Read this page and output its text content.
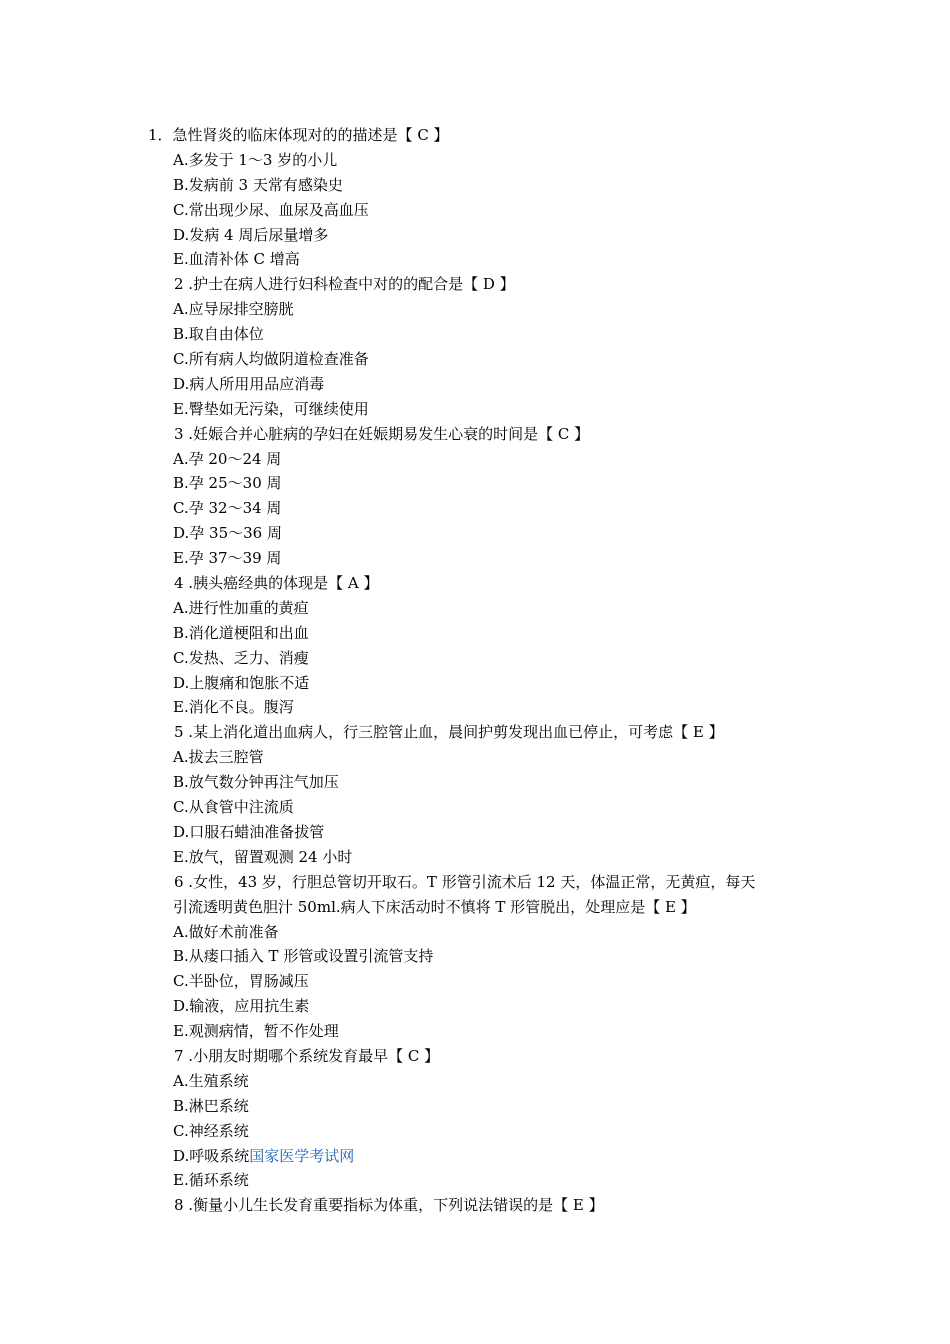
1．急性肾炎的临床体现对的的描述是【 C 】
A.多发于 1～3 岁的小儿
B.发病前 3 天常有感染史
C.常出现少尿、血尿及高血压
D.发病 4 周后尿量增多
E.血清补体 C 增高
2 .护士在病人进行妇科检查中对的的配合是【 D 】
A.应导尿排空膀胱
B.取自由体位
C.所有病人均做阴道检查准备
D.病人所用用品应消毒
E.臀垫如无污染，可继续使用
3 .妊娠合并心脏病的孕妇在妊娠期易发生心衰的时间是【 C 】
A.孕 20～24 周
B.孕 25～30 周
C.孕 32～34 周
D.孕 35～36 周
E.孕 37～39 周
4 .胰头癌经典的体现是【 A 】
A.进行性加重的黄疸
B.消化道梗阻和出血
C.发热、乏力、消瘦
D.上腹痛和饱胀不适
E.消化不良。腹泻
5 .某上消化道出血病人，行三腔管止血，晨间护剪发现出血已停止，可考虑【 E 】
A.拔去三腔管
B.放气数分钟再注气加压
C.从食管中注流质
D.口服石蜡油准备拔管
E.放气，留置观测 24 小时
6 .女性，43 岁，行胆总管切开取石。T 形管引流术后 12 天，体温正常，无黄疸，每天
引流透明黄色胆汁 50ml.病人下床活动时不慎将 T 形管脱出，处理应是【 E 】
A.做好术前准备
B.从瘘口插入 T 形管或设置引流管支持
C.半卧位，胃肠减压
D.输液，应用抗生素
E.观测病情，暂不作处理
7 .小朋友时期哪个系统发育最早【 C 】
A.生殖系统
B.淋巴系统
C.神经系统
D.呼吸系统国家医学考试网
E.循环系统
8 .衡量小儿生长发育重要指标为体重，下列说法错误的是【 E 】
